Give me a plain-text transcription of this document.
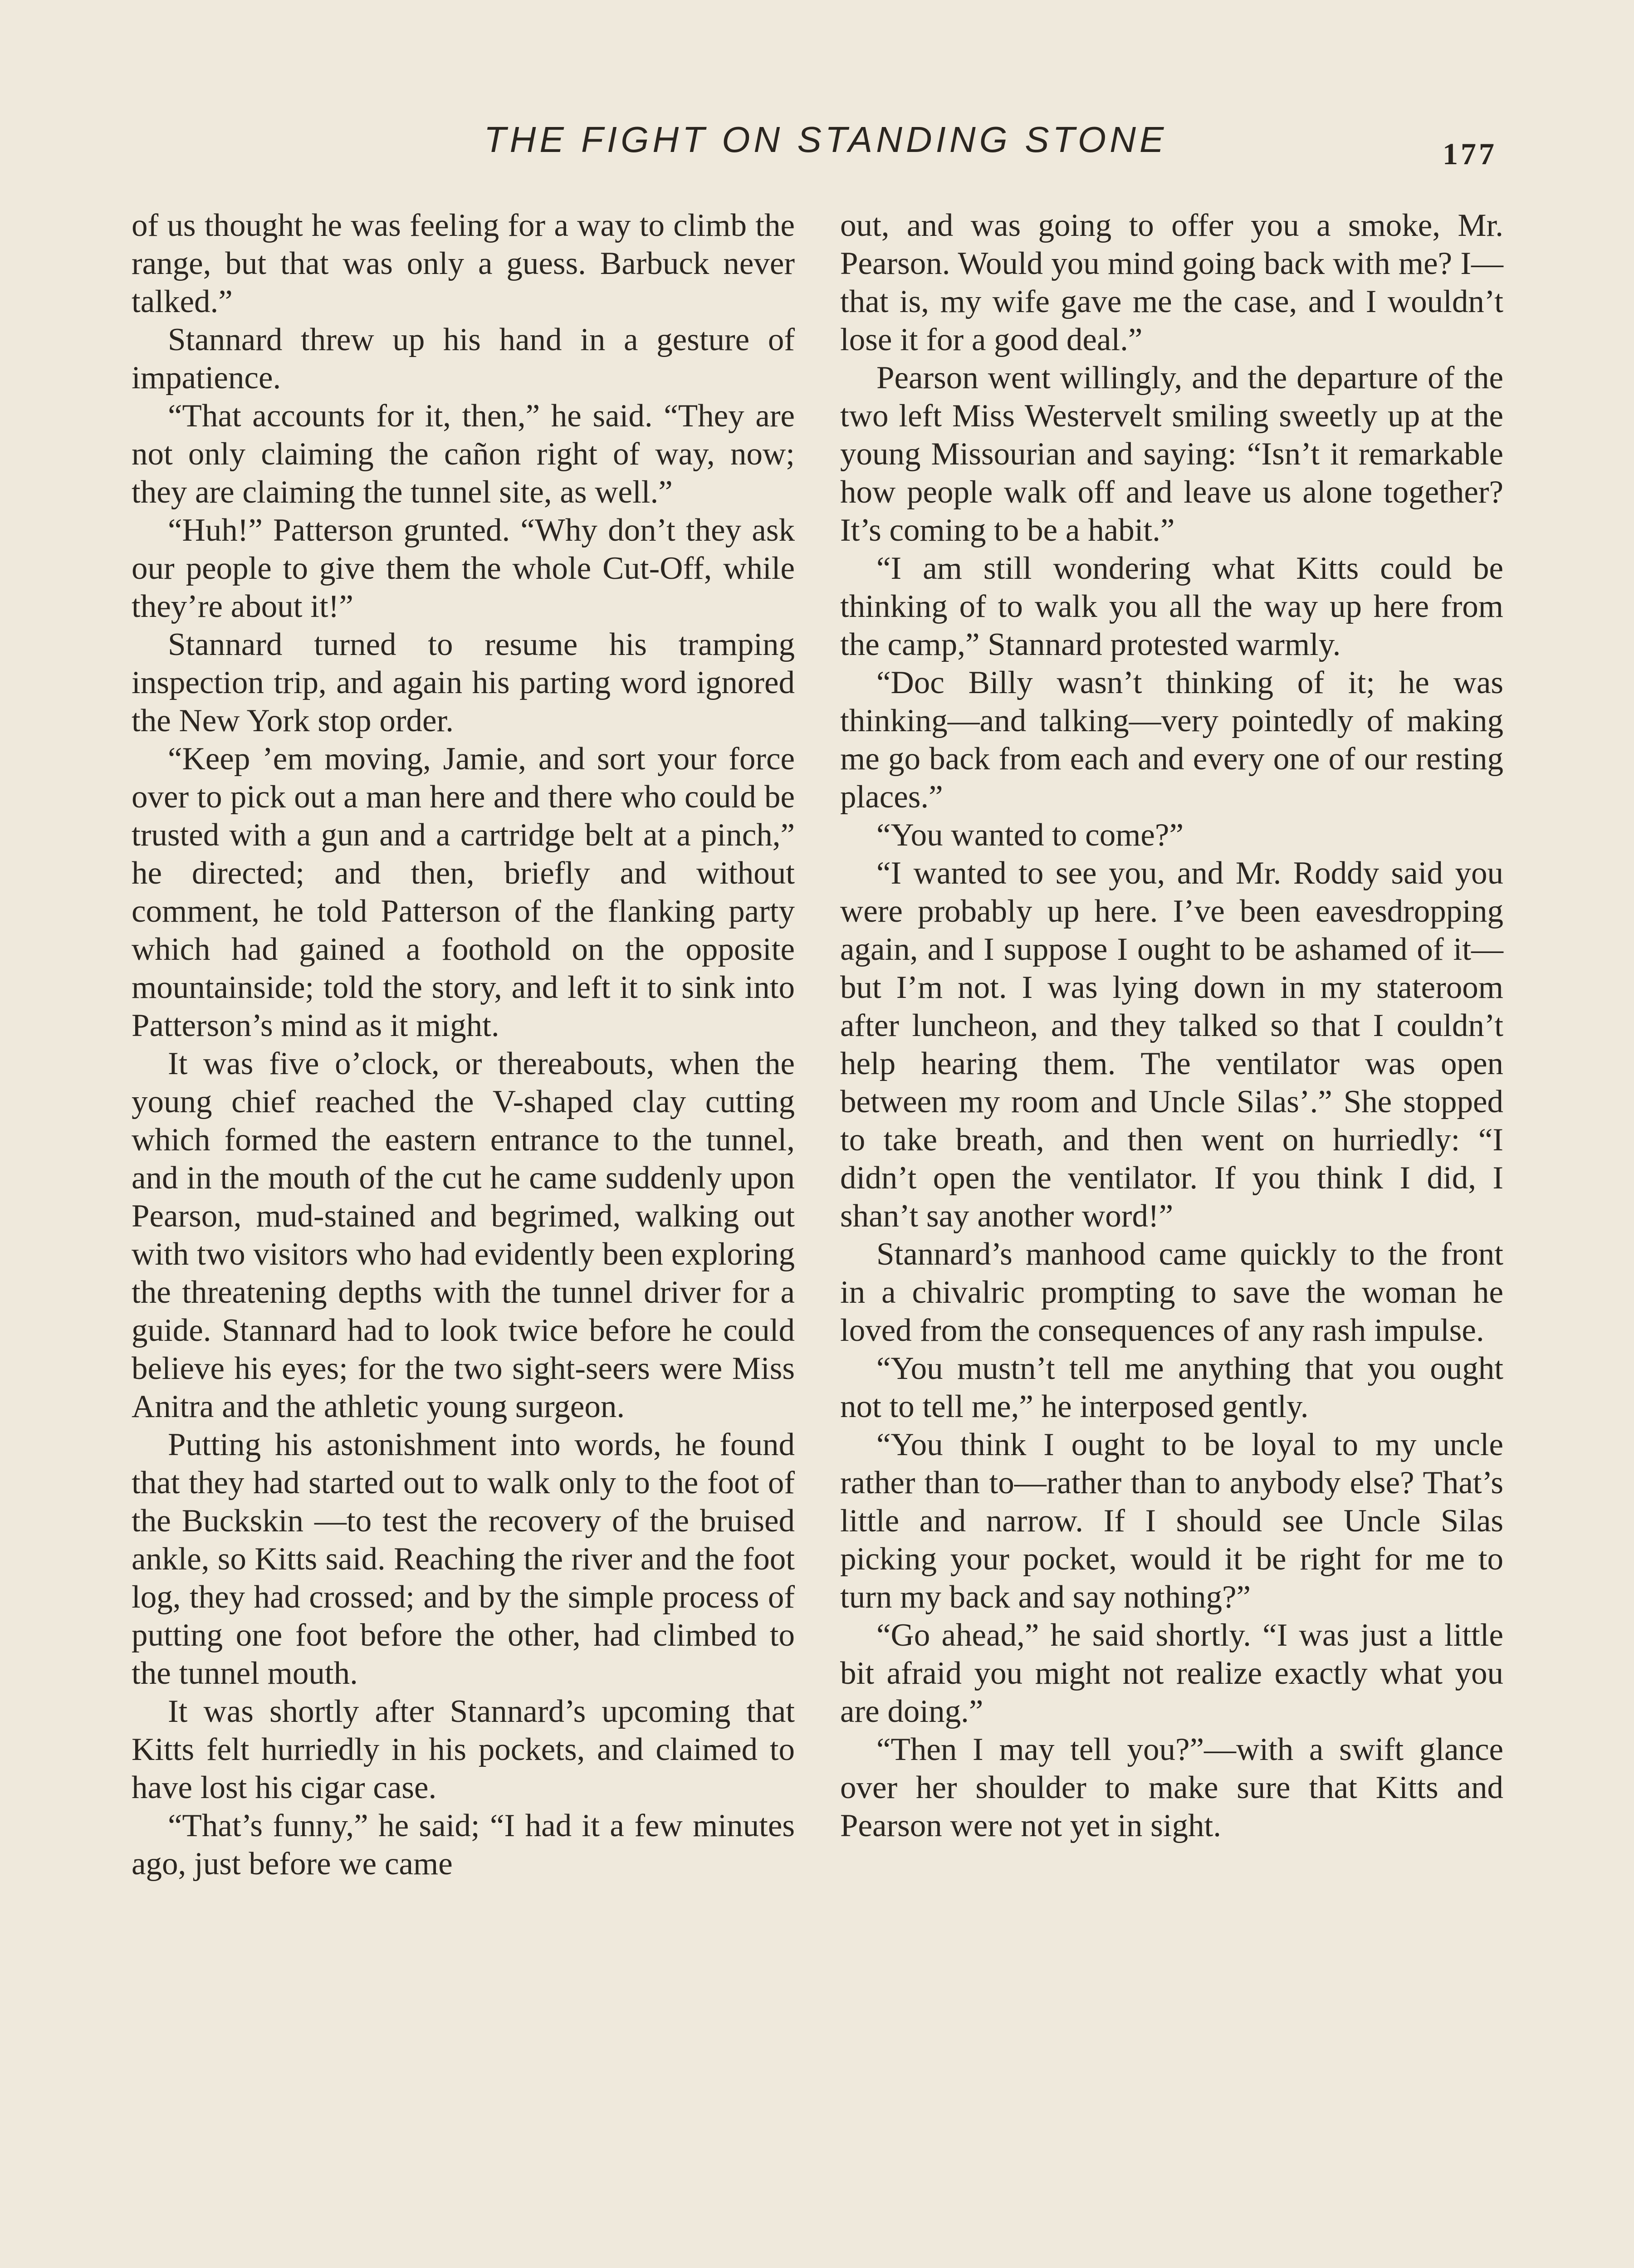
THE FIGHT ON STANDING STONE	177

of us thought he was feeling for a way to climb the range, but that was only a guess. Barbuck never talked.”

Stannard threw up his hand in a gesture of impatience.

“That accounts for it, then,” he said. “They are not only claiming the cañon right of way, now; they are claiming the tunnel site, as well.”

“Huh!” Patterson grunted. “Why don’t they ask our people to give them the whole Cut-Off, while they’re about it!”

Stannard turned to resume his tramping inspection trip, and again his parting word ignored the New York stop order.

“Keep ’em moving, Jamie, and sort your force over to pick out a man here and there who could be trusted with a gun and a cartridge belt at a pinch,” he directed; and then, briefly and without comment, he told Patterson of the flanking party which had gained a foothold on the opposite mountainside; told the story, and left it to sink into Patterson’s mind as it might.

It was five o’clock, or thereabouts, when the young chief reached the V-shaped clay cutting which formed the eastern entrance to the tunnel, and in the mouth of the cut he came suddenly upon Pearson, mud-stained and begrimed, walking out with two visitors who had evidently been exploring the threatening depths with the tunnel driver for a guide. Stannard had to look twice before he could believe his eyes; for the two sight-seers were Miss Anitra and the athletic young surgeon.

Putting his astonishment into words, he found that they had started out to walk only to the foot of the Buckskin —to test the recovery of the bruised ankle, so Kitts said. Reaching the river and the foot log, they had crossed; and by the simple process of putting one foot before the other, had climbed to the tunnel mouth.

It was shortly after Stannard’s upcoming that Kitts felt hurriedly in his pockets, and claimed to have lost his cigar case.

“That’s funny,” he said; “I had it a few minutes ago, just before we came

out, and was going to offer you a smoke, Mr. Pearson. Would you mind going back with me? I—that is, my wife gave me the case, and I wouldn’t lose it for a good deal.”

Pearson went willingly, and the departure of the two left Miss Westervelt smiling sweetly up at the young Missourian and saying: “Isn’t it remarkable how people walk off and leave us alone together? It’s coming to be a habit.”

“I am still wondering what Kitts could be thinking of to walk you all the way up here from the camp,” Stannard protested warmly.

“Doc Billy wasn’t thinking of it; he was thinking—and talking—very pointedly of making me go back from each and every one of our resting places.”

“You wanted to come?”

“I wanted to see you, and Mr. Roddy said you were probably up here. I’ve been eavesdropping again, and I suppose I ought to be ashamed of it—but I’m not. I was lying down in my stateroom after luncheon, and they talked so that I couldn’t help hearing them. The ventilator was open between my room and Uncle Silas’.” She stopped to take breath, and then went on hurriedly: “I didn’t open the ventilator. If you think I did, I shan’t say another word!”

Stannard’s manhood came quickly to the front in a chivalric prompting to save the woman he loved from the consequences of any rash impulse.

“You mustn’t tell me anything that you ought not to tell me,” he interposed gently.

“You think I ought to be loyal to my uncle rather than to—rather than to anybody else? That’s little and narrow. If I should see Uncle Silas picking your pocket, would it be right for me to turn my back and say nothing?”

“Go ahead,” he said shortly. “I was just a little bit afraid you might not realize exactly what you are doing.”

“Then I may tell you?”—with a swift glance over her shoulder to make sure that Kitts and Pearson were not yet in sight.
